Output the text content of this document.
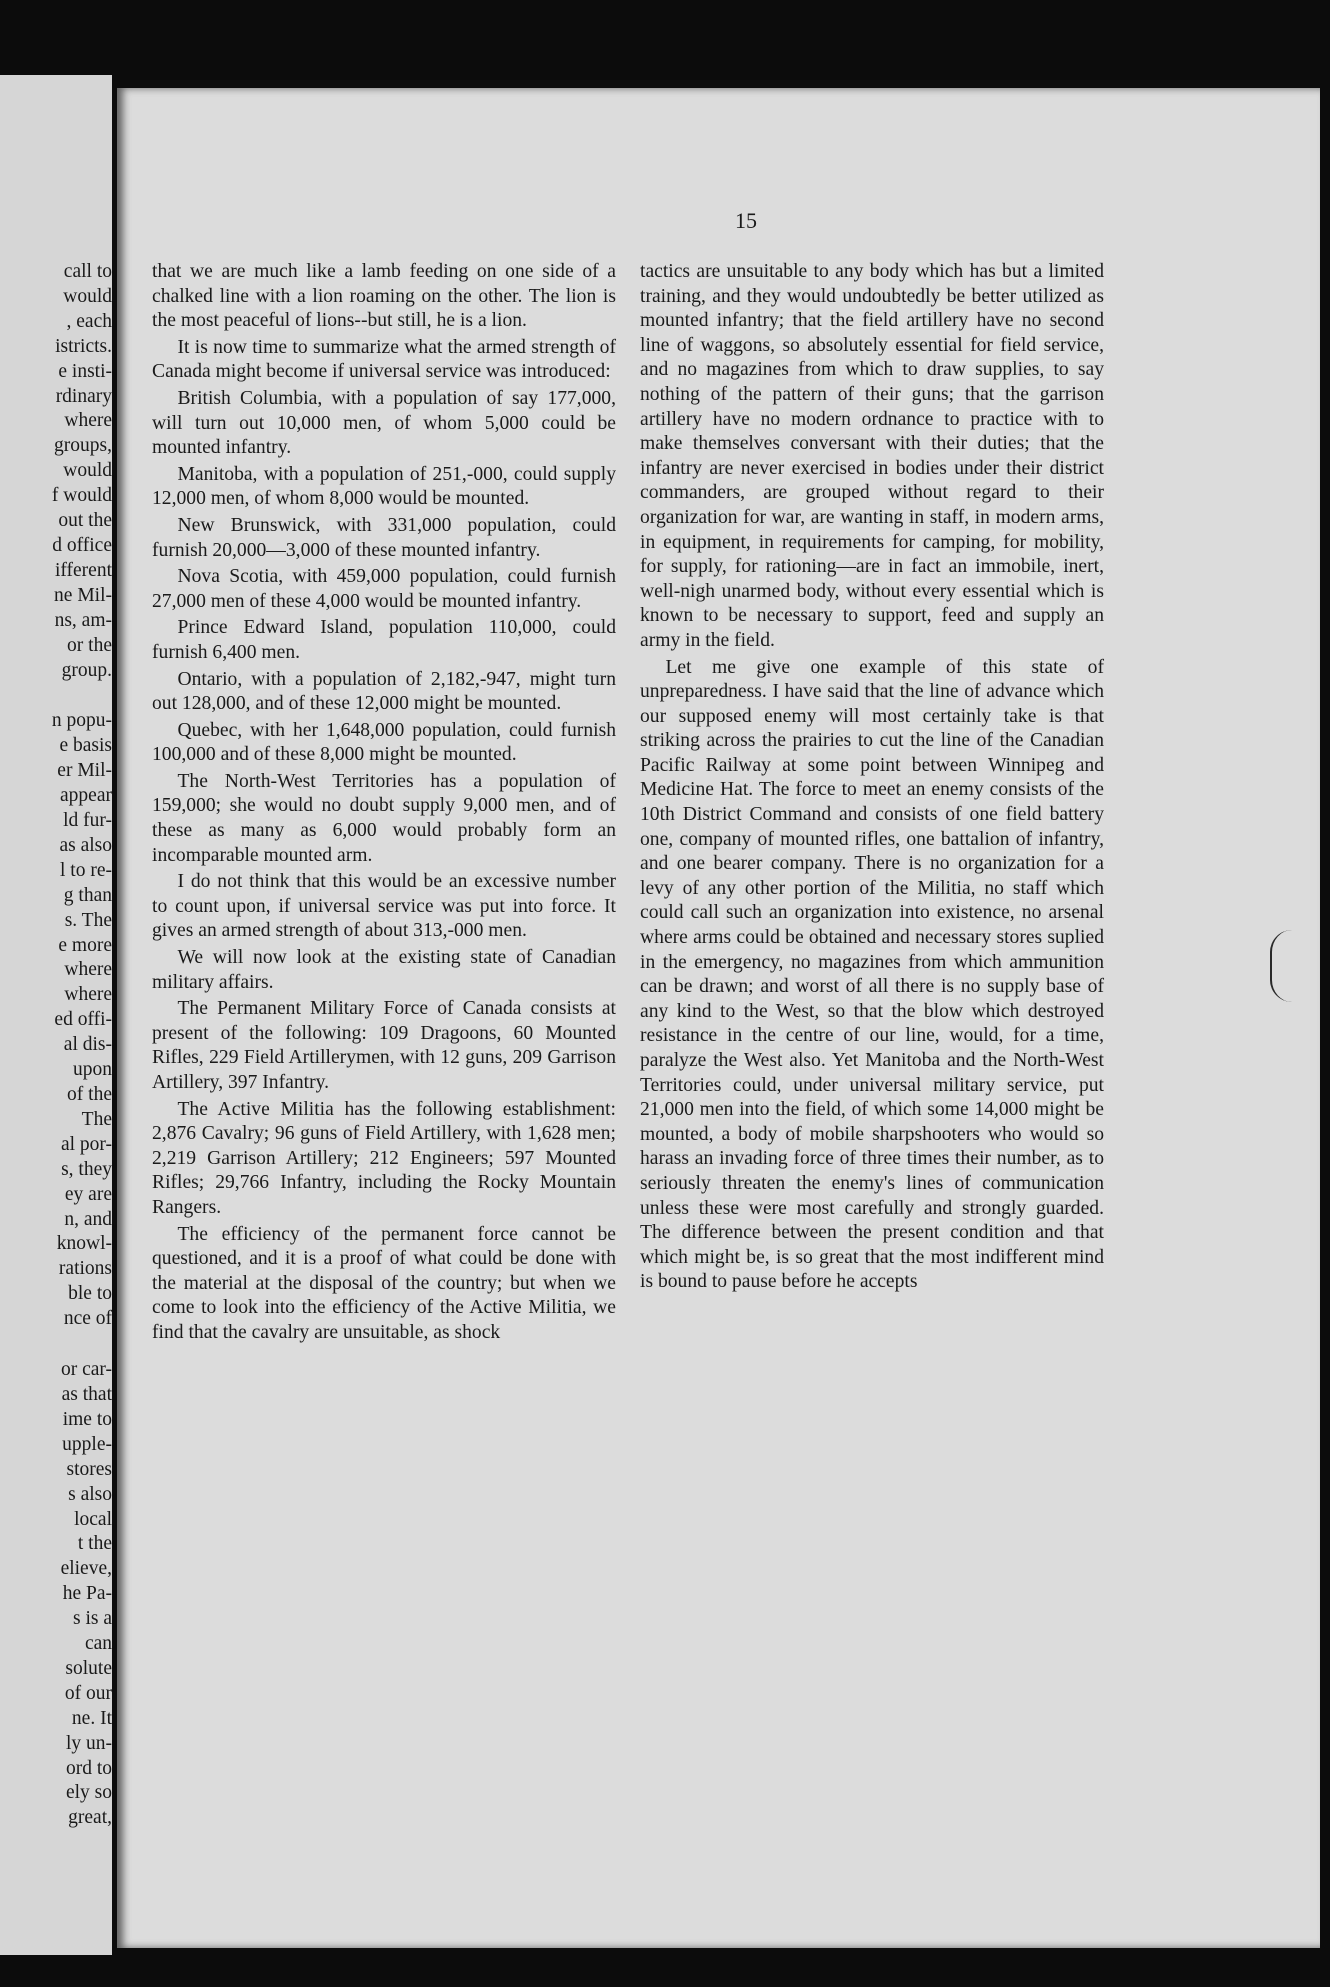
call to
would
, each
istricts.
e insti-
rdinary
where
groups,
would
f would
out the
d office
ifferent
ne Mil-
ns, am-
or the
group.
n popu-
e basis
er Mil-
appear
ld fur-
as also
l to re-
g than
s. The
e more
where
where
ed offi-
al dis-
upon
of the
The
al por-
s, they
ey are
n, and
knowl-
rations
ble to
nce of
or car-
as that
ime to
upple-
stores
s also
local
t the
elieve,
he Pa-
s is a
can
solute
of our
ne. It
ly un-
ord to
ely so
great,
15

that we are much like a lamb feeding on one side of a chalked line with a lion roaming on the other. The lion is the most peaceful of lions--but still, he is a lion.

It is now time to summarize what the armed strength of Canada might become if universal service was introduced:

British Columbia, with a population of say 177,000, will turn out 10,000 men, of whom 5,000 could be mounted infantry.

Manitoba, with a population of 251,-000, could supply 12,000 men, of whom 8,000 would be mounted.

New Brunswick, with 331,000 population, could furnish 20,000—3,000 of these mounted infantry.

Nova Scotia, with 459,000 population, could furnish 27,000 men of these 4,000 would be mounted infantry.

Prince Edward Island, population 110,000, could furnish 6,400 men.

Ontario, with a population of 2,182,-947, might turn out 128,000, and of these 12,000 might be mounted.

Quebec, with her 1,648,000 population, could furnish 100,000 and of these 8,000 might be mounted.

The North-West Territories has a population of 159,000; she would no doubt supply 9,000 men, and of these as many as 6,000 would probably form an incomparable mounted arm.

I do not think that this would be an excessive number to count upon, if universal service was put into force. It gives an armed strength of about 313,-000 men.

We will now look at the existing state of Canadian military affairs.

The Permanent Military Force of Canada consists at present of the following: 109 Dragoons, 60 Mounted Rifles, 229 Field Artillerymen, with 12 guns, 209 Garrison Artillery, 397 Infantry.

The Active Militia has the following establishment: 2,876 Cavalry; 96 guns of Field Artillery, with 1,628 men; 2,219 Garrison Artillery; 212 Engineers; 597 Mounted Rifles; 29,766 Infantry, including the Rocky Mountain Rangers.

The efficiency of the permanent force cannot be questioned, and it is a proof of what could be done with the material at the disposal of the country; but when we come to look into the efficiency of the Active Militia, we find that the cavalry are unsuitable, as shock

tactics are unsuitable to any body which has but a limited training, and they would undoubtedly be better utilized as mounted infantry; that the field artillery have no second line of waggons, so absolutely essential for field service, and no magazines from which to draw supplies, to say nothing of the pattern of their guns; that the garrison artillery have no modern ordnance to practice with to make themselves conversant with their duties; that the infantry are never exercised in bodies under their district commanders, are grouped without regard to their organization for war, are wanting in staff, in modern arms, in equipment, in requirements for camping, for mobility, for supply, for rationing—are in fact an immobile, inert, well-nigh unarmed body, without every essential which is known to be necessary to support, feed and supply an army in the field.

Let me give one example of this state of unpreparedness. I have said that the line of advance which our supposed enemy will most certainly take is that striking across the prairies to cut the line of the Canadian Pacific Railway at some point between Winnipeg and Medicine Hat. The force to meet an enemy consists of the 10th District Command and consists of one field battery one, company of mounted rifles, one battalion of infantry, and one bearer company. There is no organization for a levy of any other portion of the Militia, no staff which could call such an organization into existence, no arsenal where arms could be obtained and necessary stores suplied in the emergency, no magazines from which ammunition can be drawn; and worst of all there is no supply base of any kind to the West, so that the blow which destroyed resistance in the centre of our line, would, for a time, paralyze the West also. Yet Manitoba and the North-West Territories could, under universal military service, put 21,000 men into the field, of which some 14,000 might be mounted, a body of mobile sharpshooters who would so harass an invading force of three times their number, as to seriously threaten the enemy's lines of communication unless these were most carefully and strongly guarded. The difference between the present condition and that which might be, is so great that the most indifferent mind is bound to pause before he accepts
